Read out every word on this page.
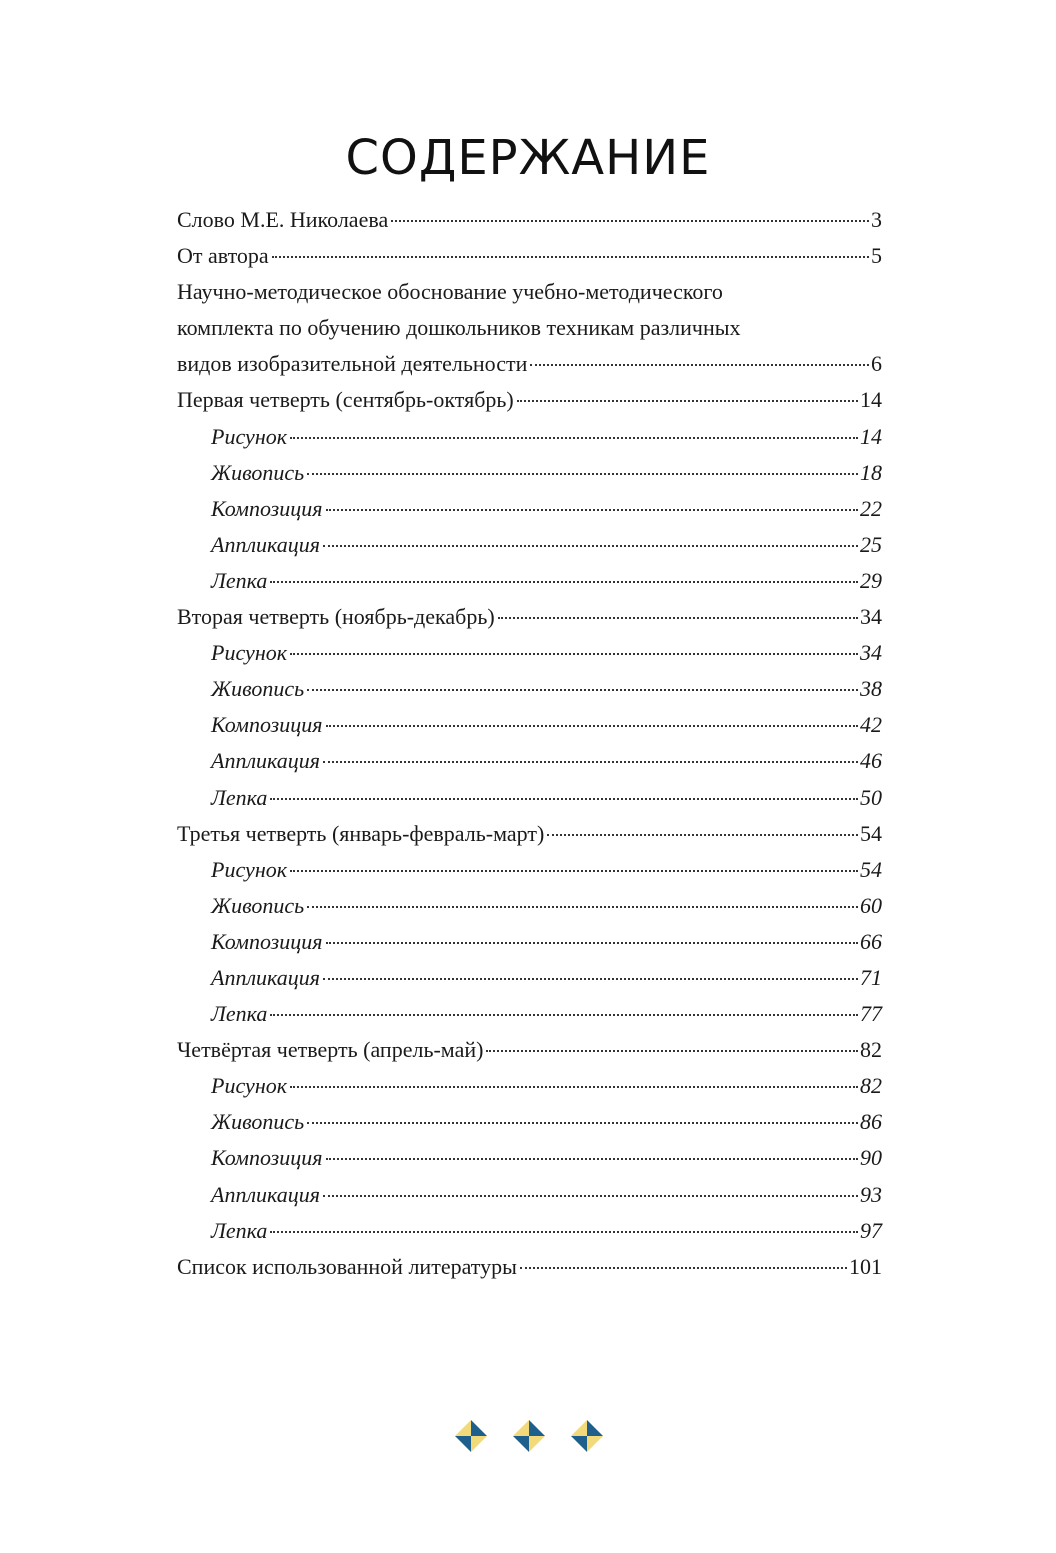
СОДЕРЖАНИЕ
Слово М.Е. Николаева	3
От автора	5
Научно-методическое обоснование учебно-методического
комплекта по обучению дошкольников техникам различных
видов изобразительной деятельности	6
Первая четверть (сентябрь-октябрь)	14
Рисунок	14
Живопись	18
Композиция	22
Аппликация	25
Лепка	29
Вторая четверть (ноябрь-декабрь)	34
Рисунок	34
Живопись	38
Композиция	42
Аппликация	46
Лепка	50
Третья четверть (январь-февраль-март)	54
Рисунок	54
Живопись	60
Композиция	66
Аппликация	71
Лепка	77
Четвёртая четверть (апрель-май)	82
Рисунок	82
Живопись	86
Композиция	90
Аппликация	93
Лепка	97
Список использованной литературы	101
